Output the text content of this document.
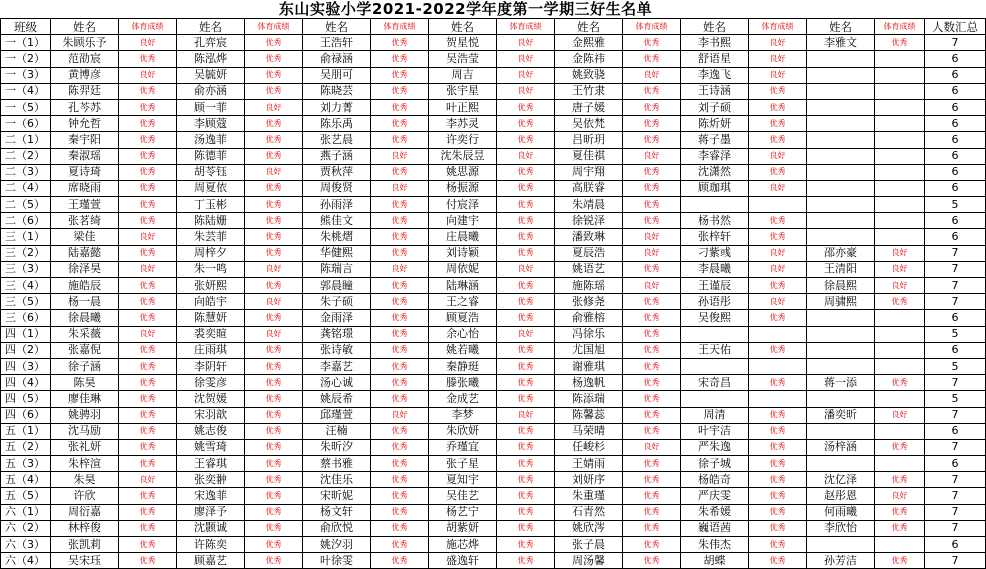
东山实验小学2021-2022学年度第一学期三好生名单
班级	姓名	体育成绩	姓名	体育成绩	姓名	体育成绩	姓名	体育成绩	姓名	体育成绩	姓名	体育成绩	姓名	体育成绩	人数汇总
一（1）	朱顾乐予	良好	孔弈宸	优秀	王浩轩	优秀	贺星悦	良好	金熙雅	优秀	李书熙	良好	李雅文	优秀	7
一（2）	范劭宸	优秀	陈泓烨	优秀	俞禄涵	优秀	吴浩莹	良好	金陈祎	优秀	舒语星	良好			6
一（3）	黄博彦	良好	吴毓妍	优秀	吴朋可	优秀	周吉	良好	姚致骁	良好	李逸飞	良好			6
一（4）	陈羿廷	优秀	俞亦涵	优秀	陈晓芸	优秀	张宇星	良好	王竹隶	优秀	王诗涵	优秀			6
一（5）	孔芩苏	优秀	顾一菲	良好	刘力菁	优秀	叶正熙	优秀	唐子媛	优秀	刘子硕	优秀			6
一（6）	钟允哲	优秀	李顾蔻	优秀	陈乐禹	优秀	李苏灵	优秀	吴依梵	优秀	陈炘妍	优秀			6
二（1）	秦宇阳	优秀	汤逸菲	优秀	张艺晨	优秀	许奕行	优秀	吕昕玥	优秀	蒋子墨	优秀			6
二（2）	秦淑瑶	优秀	陈德菲	优秀	燕子涵	良好	沈朱辰昱	良好	夏佳祺	良好	李睿泽	良好			6
二（3）	夏诗琦	优秀	胡苓钰	良好	贾秋萍	优秀	姚思源	优秀	周宇翔	优秀	沈潇然	优秀			6
二（4）	席晓雨	优秀	周夏依	优秀	周俊贤	良好	杨振源	优秀	高朕睿	优秀	顾珈琪	良好			6
二（5）	王瑾萱	优秀	丁玉彬	优秀	孙雨泽	优秀	付宸泽	优秀	朱靖晨	优秀					5
二（6）	张茗绮	优秀	陈陆姗	优秀	熊佳文	优秀	向建宇	优秀	徐锐泽	优秀	杨书然	优秀			6
三（1）	梁佳	良好	朱芸菲	优秀	朱桃熠	优秀	庄晨曦	优秀	潘致琳	良好	张梓轩	优秀			6
三（2）	陆嘉懿	优秀	周梓夕	优秀	华健熙	优秀	刘诗颖	优秀	夏辰浩	良好	刁紫彧	良好	邵亦豪	良好	7
三（3）	徐泽昊	良好	朱一鸣	良好	陈瑞言	良好	周依妮	良好	姚语艺	优秀	李晨曦	良好	王清阳	良好	7
三（4）	施皓辰	优秀	张妍熙	优秀	郭晨瞳	优秀	陆琳涵	优秀	施陈瑶	良好	王谨辰	优秀	徐晨熙	良好	7
三（5）	杨一晨	优秀	向皓宇	良好	朱子硕	优秀	王之睿	优秀	张修尧	优秀	孙语彤	良好	周骕熙	优秀	7
三（6）	徐晨曦	优秀	陈慧妍	优秀	金雨泽	优秀	顾夏浩	优秀	俞雅榕	优秀	吴俊熙	优秀			6
四（1）	朱采薇	良好	裘奕暄	良好	龚铭璟	优秀	余心怡	良好	冯徐乐	优秀					5
四（2）	张嘉倪	优秀	庄雨琪	优秀	张诗敏	优秀	姚若曦	优秀	尤国旭	优秀	王天佑	优秀			6
四（3）	徐子涵	优秀	李阴轩	优秀	李嘉艺	优秀	秦静珽	优秀	谢雅琪	优秀					5
四（4）	陈昊	优秀	徐雯彦	优秀	汤心诚	优秀	滕张曦	优秀	杨逸帆	优秀	宋奇昌	优秀	蒋一添	优秀	7
四（5）	廖佳琳	优秀	沈贺媛	优秀	姚辰希	优秀	金成艺	优秀	陈添瑞	优秀					5
四（6）	姚骋羽	优秀	宋羽歆	优秀	邱瑾萱	良好	李梦	良好	陈馨蕊	优秀	周清	优秀	潘奕昕	良好	7
五（1）	沈马励	优秀	姚志俊	优秀	汪楠	优秀	朱欣妍	优秀	马荣晴	优秀	叶宇洁	优秀			6
五（2）	张礼妍	优秀	姚雪琦	优秀	朱昕汐	优秀	乔瑾宜	优秀	任峻杉	良好	严朱逸	优秀	汤梓涵	优秀	7
五（3）	朱梓渲	优秀	王睿琪	优秀	蔡书雅	优秀	张子星	优秀	王婧雨	优秀	徐子城	优秀			6
五（4）	朱昊	良好	张奕翀	优秀	沈佳乐	优秀	夏知宇	优秀	刘妍序	优秀	杨皓奇	优秀	沈亿泽	优秀	7
五（5）	许欣	优秀	宋逸菲	优秀	宋昕妮	优秀	吴佳艺	优秀	朱重瑾	优秀	严庆雯	优秀	赵彤恩	良好	7
六（1）	周衍嘉	优秀	廖泽予	优秀	杨文轩	优秀	杨艺宁	优秀	石青然	优秀	朱希媛	优秀	何雨曦	优秀	7
六（2）	林梓俊	优秀	沈颢诚	优秀	俞欣悦	优秀	胡紫妍	优秀	姚欣涔	优秀	巍语茜	优秀	李欣怡	优秀	7
六（3）	张凯莉	优秀	许陈奕	优秀	姚汐羽	优秀	施芯烨	优秀	张子晨	优秀	朱伟杰	优秀			6
六（4）	吴宋珏	优秀	顾嘉艺	优秀	叶徐雯	优秀	盛逸轩	优秀	周汤馨	优秀	胡蝶	优秀	孙芳洁	优秀	7
